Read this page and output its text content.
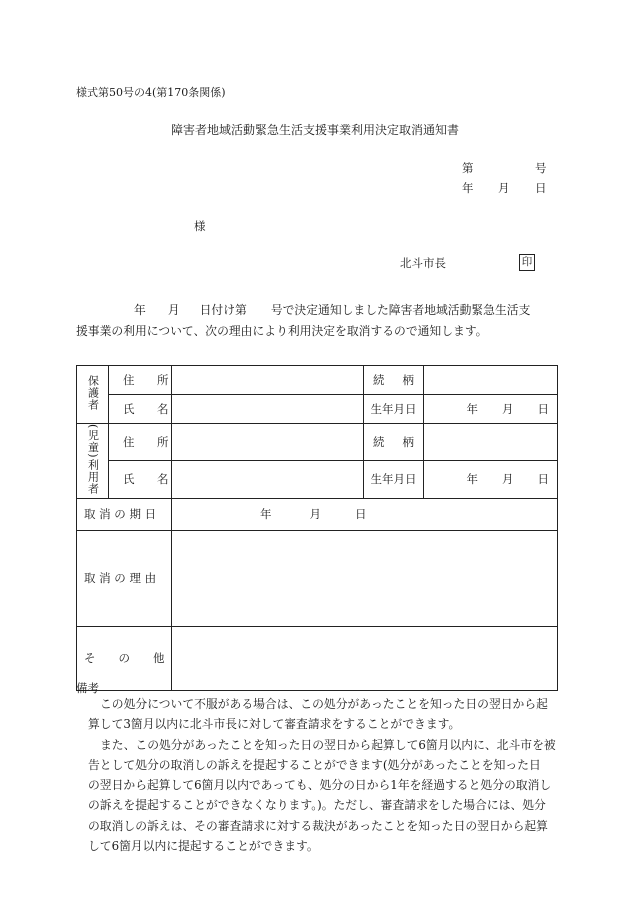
様式第50号の4(第170条関係)
障害者地域活動緊急生活支援事業利用決定取消通知書
第	号
年 月 日
様
北斗市長	印

年 月 日付け第 号で決定通知しました障害者地域活動緊急生活支

援事業の利用について、次の理由により利用決定を取消するので通知します。

保護者	住 所		続 柄	
	氏 名		生年月日	年 月 日
(児童)利用者	住 所		続 柄	
	氏 名		生年月日	年 月 日
取 消 の 期 日		年 月 日		
取 消 の 理 由				
そ　　の　　他				
備考

この処分について不服がある場合は、この処分があったことを知った日の翌日から起

算して3箇月以内に北斗市長に対して審査請求をすることができます。

また、この処分があったことを知った日の翌日から起算して6箇月以内に、北斗市を被

告として処分の取消しの訴えを提起することができます(処分があったことを知った日

の翌日から起算して6箇月以内であっても、処分の日から1年を経過すると処分の取消し

の訴えを提起することができなくなります。)。ただし、審査請求をした場合には、処分

の取消しの訴えは、その審査請求に対する裁決があったことを知った日の翌日から起算

して6箇月以内に提起することができます。
